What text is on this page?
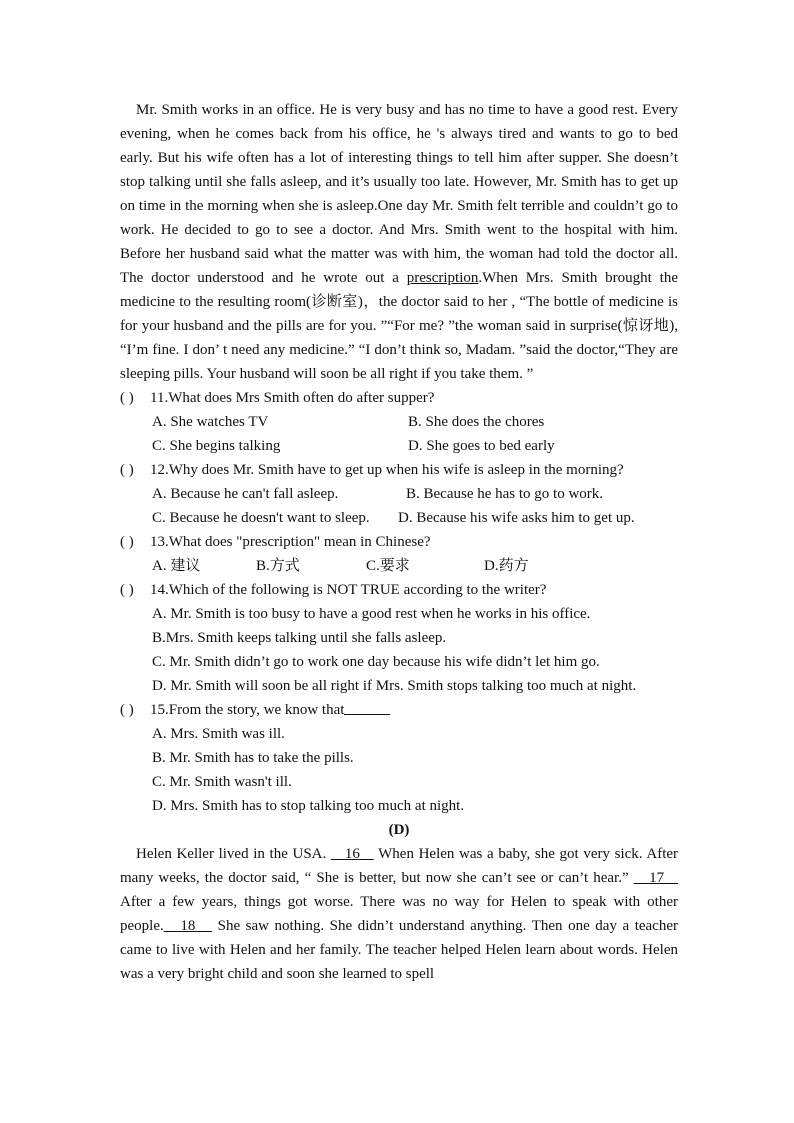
Mr. Smith works in an office. He is very busy and has no time to have a good rest. Every evening, when he comes back from his office, he 's always tired and wants to go to bed early. But his wife often has a lot of interesting things to tell him after supper. She doesn’t stop talking until she falls asleep, and it’s usually too late. However, Mr. Smith has to get up on time in the morning when she is asleep.One day Mr. Smith felt terrible and couldn’t go to work. He decided to go to see a doctor. And Mrs. Smith went to the hospital with him. Before her husband said what the matter was with him, the woman had told the doctor all. The doctor understood and he wrote out a prescription.When Mrs. Smith brought the medicine to the resulting room(诊断室)，the doctor said to her , “The bottle of medicine is for your husband and the pills are for you. ”“For me? ”the woman said in surprise(惊讶地), “I’m fine. I don’ t need any medicine.” “I don’t think so, Madam. ”said the doctor,“They are sleeping pills. Your husband will soon be all right if you take them. ”

( )	11.What does Mrs Smith often do after supper?
A. She watches TV	B. She does the chores
C. She begins talking	D. She goes to bed early
( )	12.Why does Mr. Smith have to get up when his wife is asleep in the morning?
A. Because he can't fall asleep.	B. Because he has to go to work.
C. Because he doesn't want to sleep.	D. Because his wife asks him to get up.
( )	13.What does "prescription" mean in Chinese?
A. 建议	B.方式	C.要求	D.药方
( )	14.Which of the following is NOT TRUE according to the writer?
A. Mr. Smith is too busy to have a good rest when he works in his office.
B.Mrs. Smith keeps talking until she falls asleep.
C. Mr. Smith didn’t go to work one day because his wife didn’t let him go.
D. Mr. Smith will soon be all right if Mrs. Smith stops talking too much at night.
( )	15.From the story, we know that
A. Mrs. Smith was ill.
B. Mr. Smith has to take the pills.
C. Mr. Smith wasn't ill.
D. Mrs. Smith has to stop talking too much at night.

(D)

Helen Keller lived in the USA.    16    When Helen was a baby, she got very sick. After many weeks, the doctor said, “ She is better, but now she can’t see or can’t hear.”    17    After a few years, things got worse. There was no way for Helen to speak with other people. 18    She saw nothing. She didn’t understand anything. Then one day a teacher came to live with Helen and her family. The teacher helped Helen learn about words. Helen was a very bright child and soon she learned to spell
